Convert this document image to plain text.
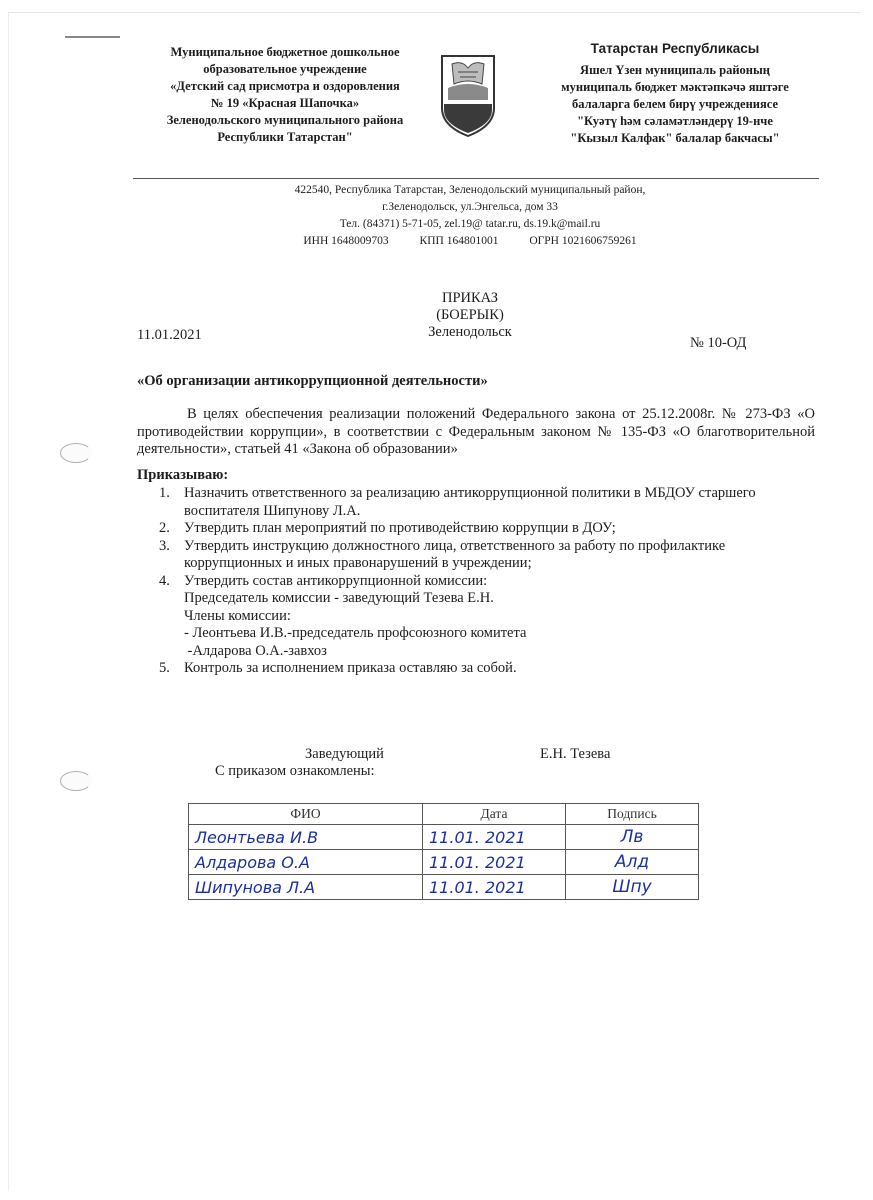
Муниципальное бюджетное дошкольное
образовательное учреждение
«Детский сад присмотра и оздоровления
№ 19 «Красная Шапочка»
Зеленодольского муниципального района
Республики Татарстан"
Татарстан Республикасы
Яшел Үзен муниципаль районың
муниципаль бюджет мәктәпкәчә яштәге
балаларга белем бирү учреждениясе
"Куәтү һәм сәламәтләндерү 19-нче
"Кызыл Калфак" балалар бакчасы"
422540, Республика Татарстан, Зеленодольский муниципальный район,
г.Зеленодольск, ул.Энгельса, дом 33
Тел. (84371) 5-71-05, zel.19@ tatar.ru, ds.19.k@mail.ru
ИНН 1648009703	КПП 164801001	ОГРН 1021606759261
ПРИКАЗ
(БОЕРЫК)
Зеленодольск
11.01.2021	№ 10-ОД
«Об организации антикоррупционной деятельности»

В целях обеспечения реализации положений Федерального закона от 25.12.2008г. № 273-ФЗ «О противодействии коррупции», в соответствии с Федеральным законом № 135-ФЗ «О благотворительной деятельности», статьей 41 «Закона об образовании»

Приказываю:
1. Назначить ответственного за реализацию антикоррупционной политики в МБДОУ старшего воспитателя Шипунову Л.А.
2. Утвердить план мероприятий по противодействию коррупции в ДОУ;
3. Утвердить инструкцию должностного лица, ответственного за работу по профилактике коррупционных и иных правонарушений в учреждении;
4. Утвердить состав антикоррупционной комиссии:
Председатель комиссии - заведующий Тезева Е.Н.
Члены комиссии:
- Леонтьева И.В.-председатель профсоюзного комитета
-Алдарова О.А.-завхоз
5. Контроль за исполнением приказа оставляю за собой.
Заведующий	Е.Н. Тезева
С приказом ознакомлены:
ФИО	Дата	Подпись
Леонтьева И.В	11.01. 2021	Лв
Алдарова О.А	11.01. 2021	Алд
Шипунова Л.А	11.01. 2021	Шпу
